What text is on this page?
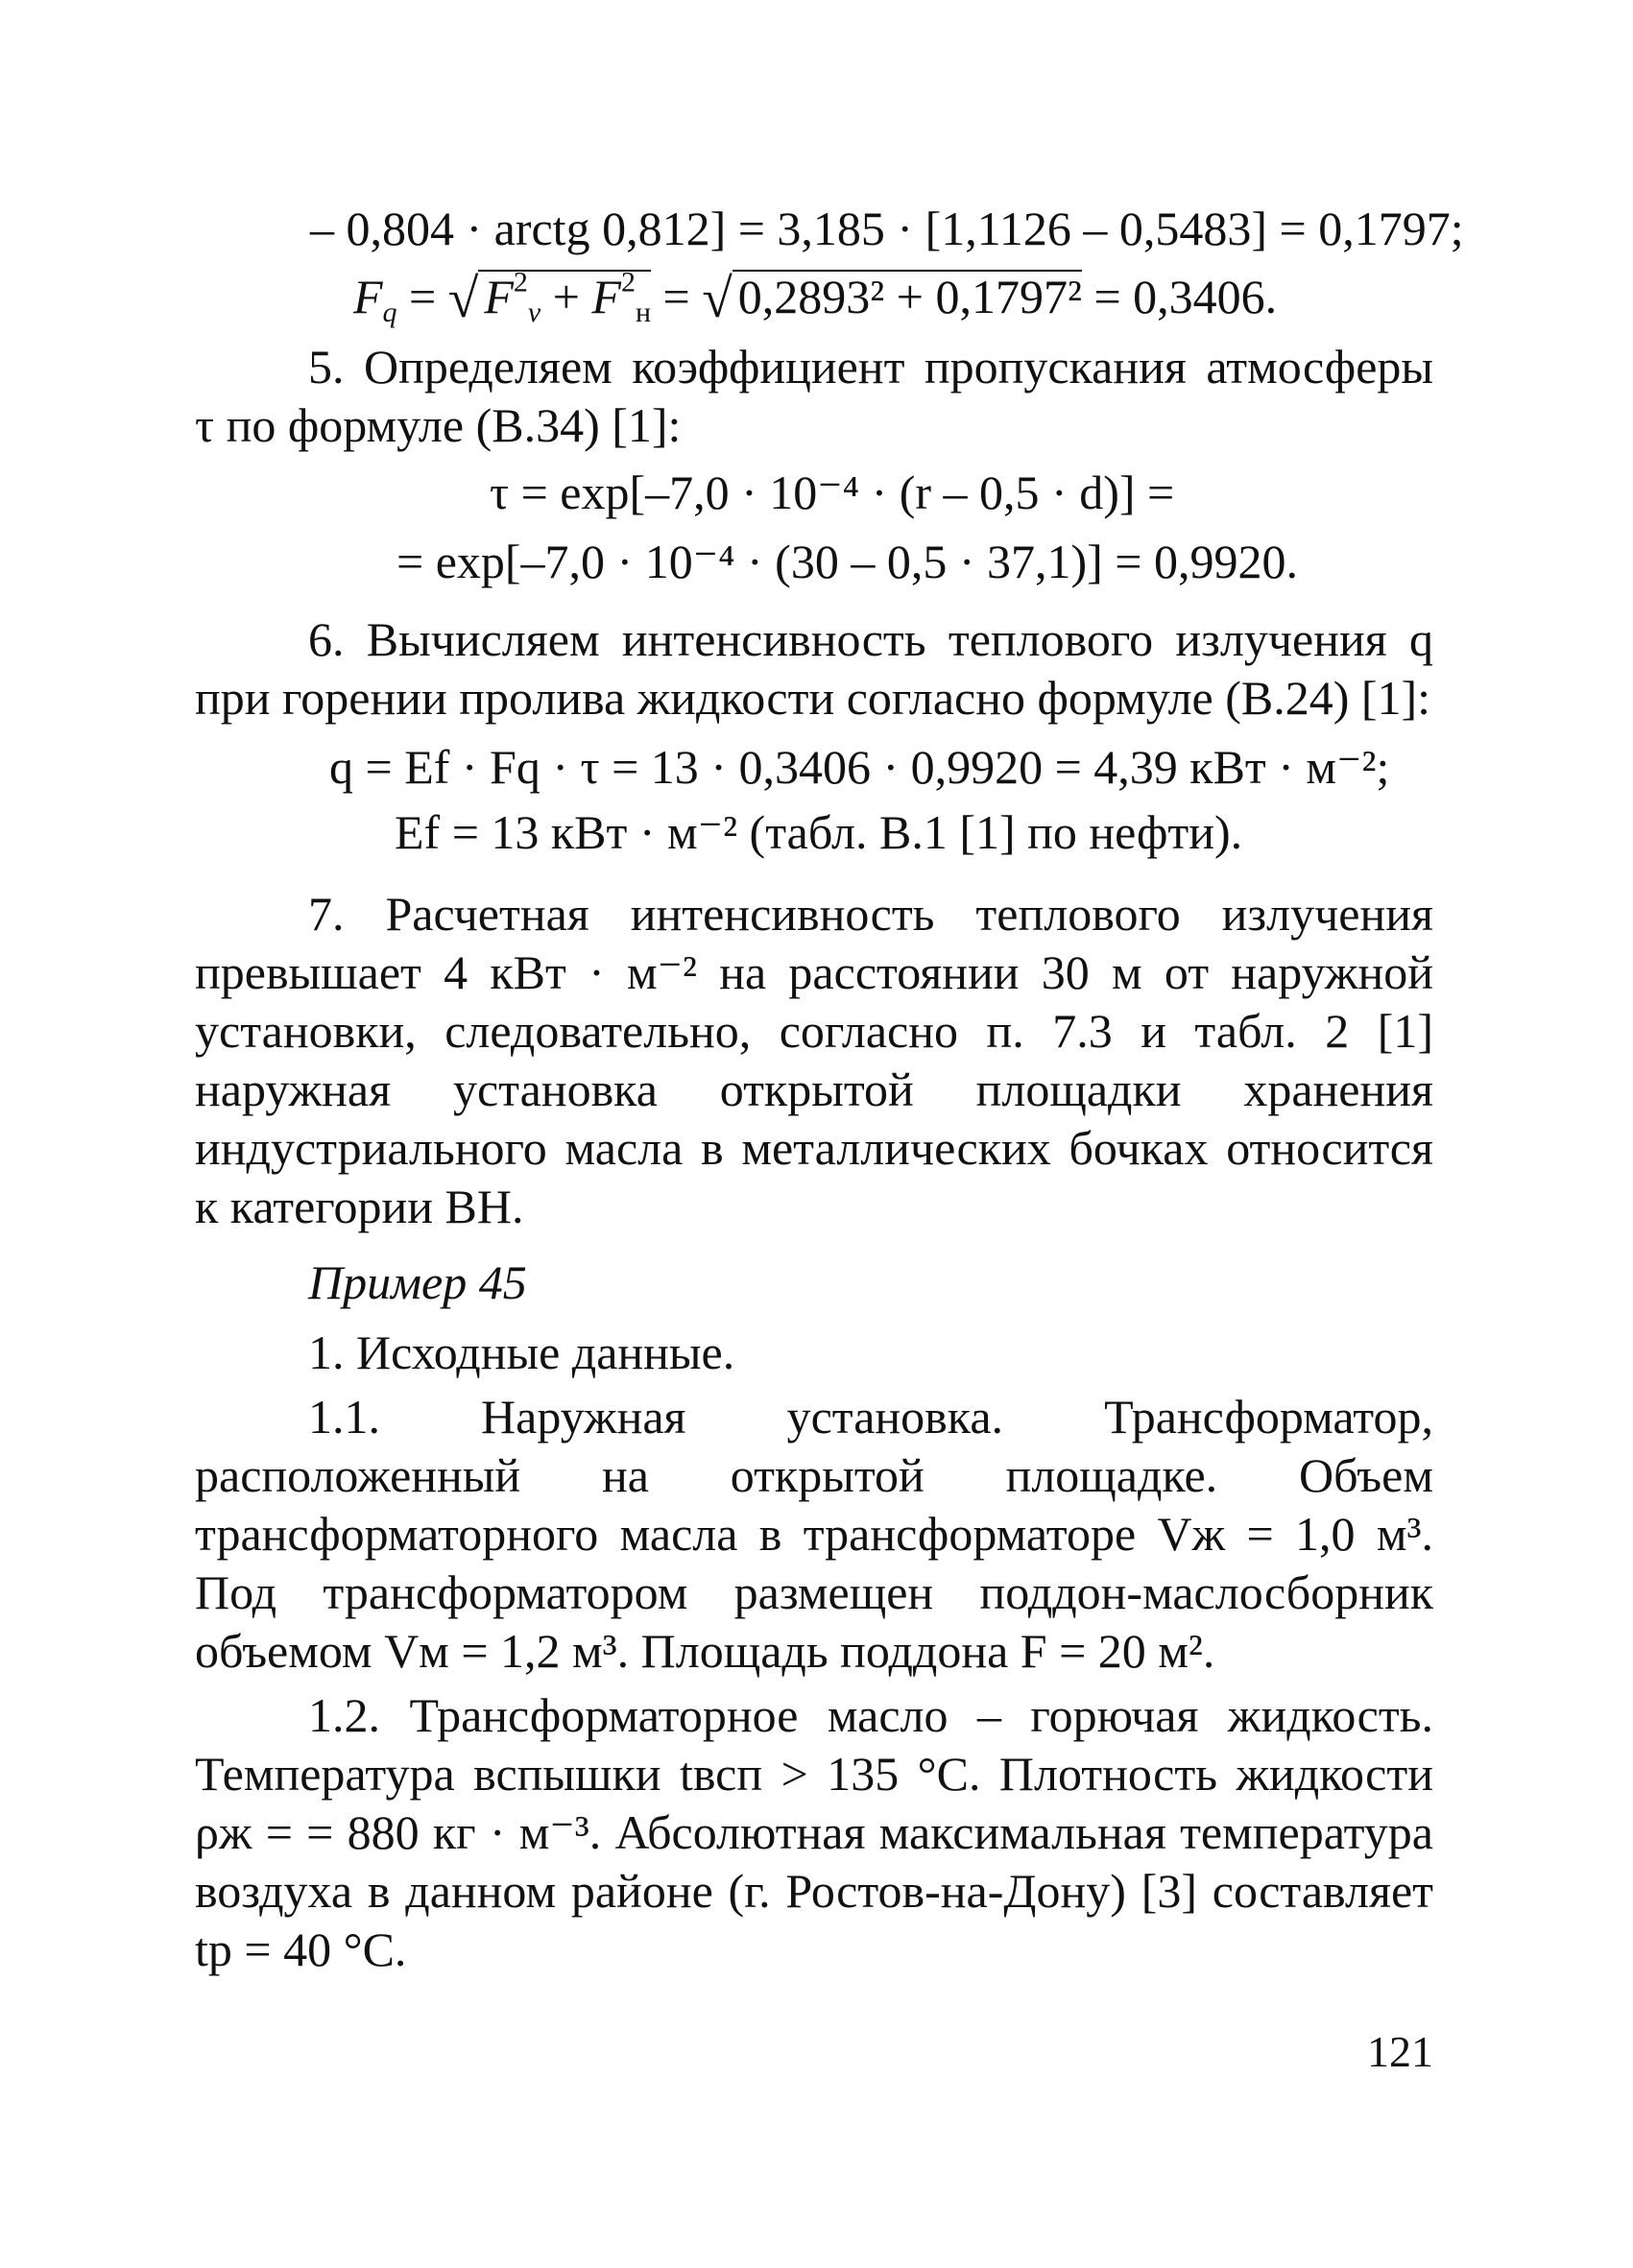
– 0,804 · arctg 0,812] = 3,185 · [1,1126 – 0,5483] = 0,1797;
$F_q$ = √ $F^2_v + F^2_н$ = √ 0,2893² + 0,1797² = 0,3406.

5. Определяем коэффициент пропускания атмосферы τ по формуле (В.34) [1]:

τ = exp[–7,0 · 10⁻⁴ · (r – 0,5 · d)] =
= exp[–7,0 · 10⁻⁴ · (30 – 0,5 · 37,1)] = 0,9920.

6. Вычисляем интенсивность теплового излучения q при горении пролива жидкости согласно формуле (В.24) [1]:

q = Ef · Fq · τ = 13 · 0,3406 · 0,9920 = 4,39 кВт · м⁻²;
Ef = 13 кВт · м⁻² (табл. В.1 [1] по нефти).

7. Расчетная интенсивность теплового излучения превышает 4 кВт · м⁻² на расстоянии 30 м от наружной установки, следовательно, согласно п. 7.3 и табл. 2 [1] наружная установка открытой площадки хранения индустриального масла в металлических бочках относится к категории ВН.

Пример 45

1. Исходные данные.

1.1. Наружная установка. Трансформатор, расположенный на открытой площадке. Объем трансформаторного масла в трансформаторе Vж = 1,0 м³. Под трансформатором размещен поддон-маслосборник объемом Vм = 1,2 м³. Площадь поддона F = 20 м².

1.2. Трансформаторное масло – горючая жидкость. Температура вспышки tвсп > 135 °С. Плотность жидкости ρж = = 880 кг · м⁻³. Абсолютная максимальная температура воздуха в данном районе (г. Ростов-на-Дону) [3] составляет tр = 40 °С.

121
